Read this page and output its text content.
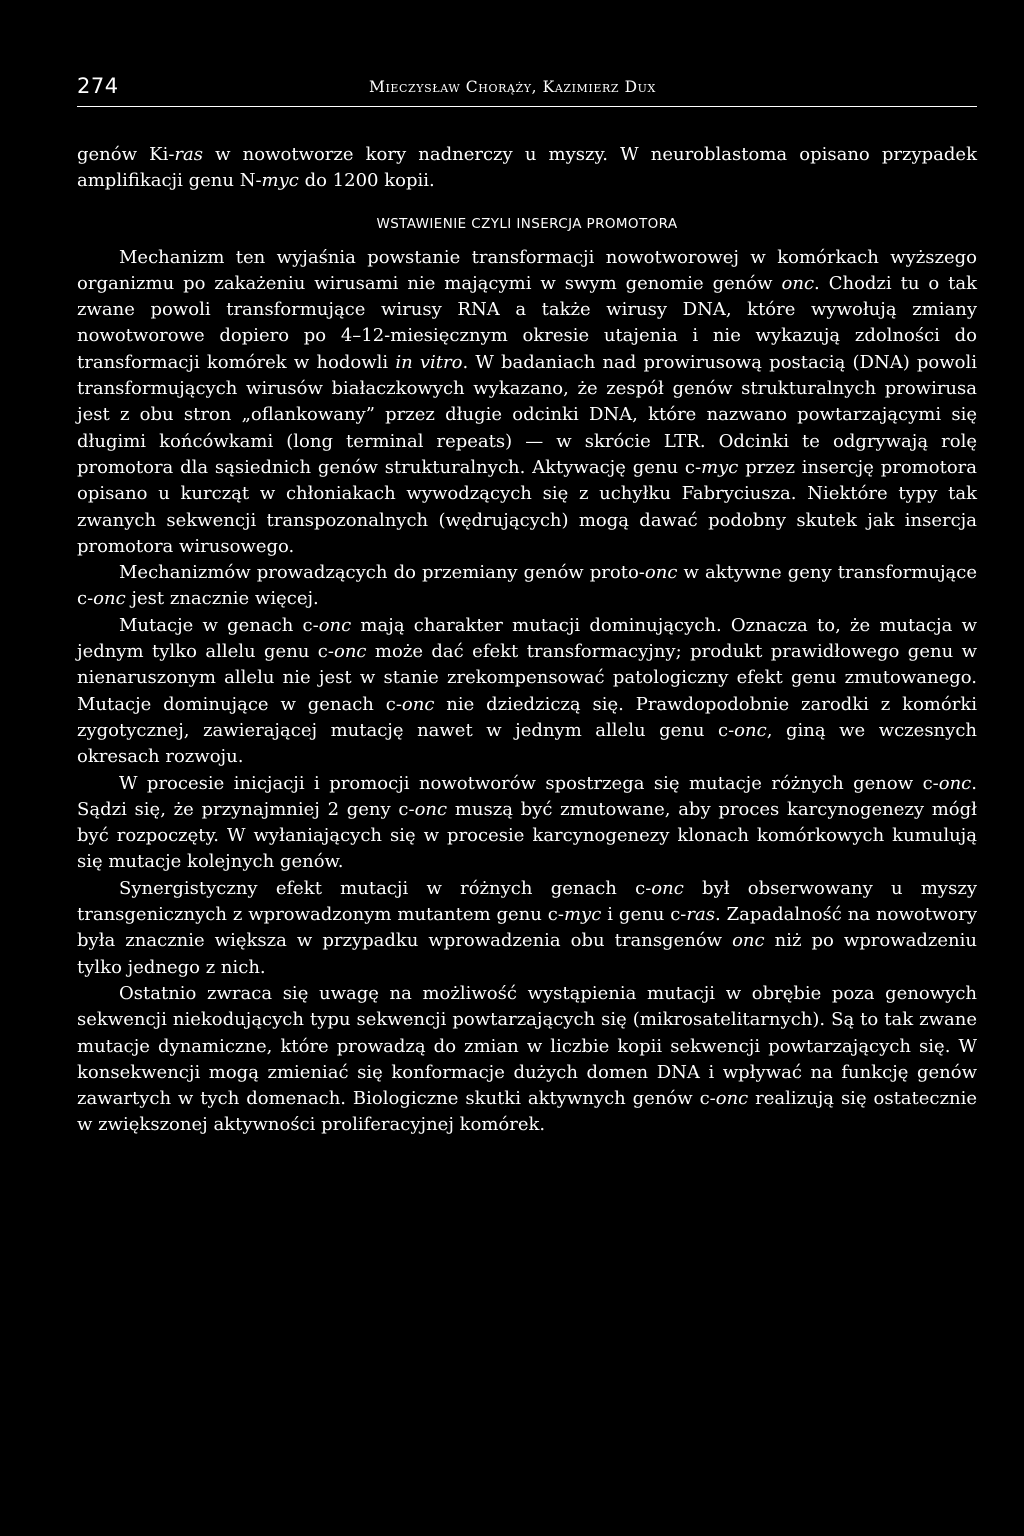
274	Mieczysław Chorąży, Kazimierz Dux

genów Ki-ras w nowotworze kory nadnerczy u myszy. W neuroblastoma opisano przypadek amplifikacji genu N-myc do 1200 kopii.

WSTAWIENIE CZYLI INSERCJA PROMOTORA

Mechanizm ten wyjaśnia powstanie transformacji nowotworowej w komórkach wyższego organizmu po zakażeniu wirusami nie mającymi w swym genomie genów onc. Chodzi tu o tak zwane powoli transformujące wirusy RNA a także wirusy DNA, które wywołują zmiany nowotworowe dopiero po 4–12-miesięcznym okresie utajenia i nie wykazują zdolności do transformacji komórek w hodowli in vitro. W badaniach nad prowirusową postacią (DNA) powoli transformujących wirusów białaczkowych wykazano, że zespół genów strukturalnych prowirusa jest z obu stron „oflankowany” przez długie odcinki DNA, które nazwano powtarzającymi się długimi końcówkami (long terminal repeats) — w skrócie LTR. Odcinki te odgrywają rolę promotora dla sąsiednich genów strukturalnych. Aktywację genu c-myc przez insercję promotora opisano u kurcząt w chłoniakach wywodzących się z uchyłku Fabryciusza. Niektóre typy tak zwanych sekwencji transpozonalnych (wędrujących) mogą dawać podobny skutek jak insercja promotora wirusowego.

Mechanizmów prowadzących do przemiany genów proto-onc w aktywne geny transformujące c-onc jest znacznie więcej.

Mutacje w genach c-onc mają charakter mutacji dominujących. Oznacza to, że mutacja w jednym tylko allelu genu c-onc może dać efekt transformacyjny; produkt prawidłowego genu w nienaruszonym allelu nie jest w stanie zrekompensować patologiczny efekt genu zmutowanego. Mutacje dominujące w genach c-onc nie dziedziczą się. Prawdopodobnie zarodki z komórki zygotycznej, zawierającej mutację nawet w jednym allelu genu c-onc, giną we wczesnych okresach rozwoju.

W procesie inicjacji i promocji nowotworów spostrzega się mutacje różnych genow c-onc. Sądzi się, że przynajmniej 2 geny c-onc muszą być zmutowane, aby proces karcynogenezy mógł być rozpoczęty. W wyłaniających się w procesie karcynogenezy klonach komórkowych kumulują się mutacje kolejnych genów.

Synergistyczny efekt mutacji w różnych genach c-onc był obserwowany u myszy transgenicznych z wprowadzonym mutantem genu c-myc i genu c-ras. Zapadalność na nowotwory była znacznie większa w przypadku wprowadzenia obu transgenów onc niż po wprowadzeniu tylko jednego z nich.

Ostatnio zwraca się uwagę na możliwość wystąpienia mutacji w obrębie poza genowych sekwencji niekodujących typu sekwencji powtarzających się (mikrosatelitarnych). Są to tak zwane mutacje dynamiczne, które prowadzą do zmian w liczbie kopii sekwencji powtarzających się. W konsekwencji mogą zmieniać się konformacje dużych domen DNA i wpływać na funkcję genów zawartych w tych domenach. Biologiczne skutki aktywnych genów c-onc realizują się ostatecznie w zwiększonej aktywności proliferacyjnej komórek.
